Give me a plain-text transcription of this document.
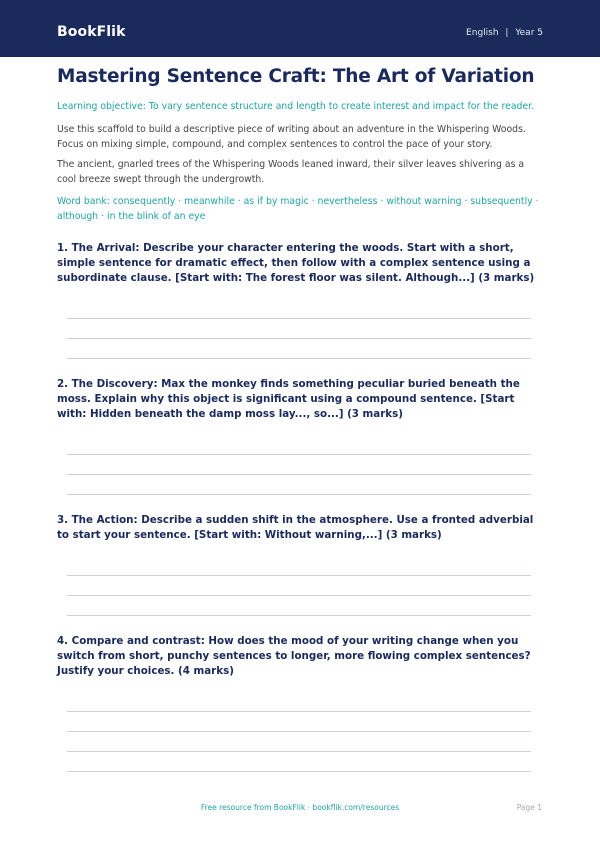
BookFlik	English | Year 5
Mastering Sentence Craft: The Art of Variation
Learning objective: To vary sentence structure and length to create interest and impact for the reader.
Use this scaffold to build a descriptive piece of writing about an adventure in the Whispering Woods. Focus on mixing simple, compound, and complex sentences to control the pace of your story.
The ancient, gnarled trees of the Whispering Woods leaned inward, their silver leaves shivering as a cool breeze swept through the undergrowth.
Word bank: consequently · meanwhile · as if by magic · nevertheless · without warning · subsequently · although · in the blink of an eye
1. The Arrival: Describe your character entering the woods. Start with a short, simple sentence for dramatic effect, then follow with a complex sentence using a subordinate clause. [Start with: The forest floor was silent. Although...] (3 marks)
2. The Discovery: Max the monkey finds something peculiar buried beneath the moss. Explain why this object is significant using a compound sentence. [Start with: Hidden beneath the damp moss lay..., so...] (3 marks)
3. The Action: Describe a sudden shift in the atmosphere. Use a fronted adverbial to start your sentence. [Start with: Without warning,...] (3 marks)
4. Compare and contrast: How does the mood of your writing change when you switch from short, punchy sentences to longer, more flowing complex sentences? Justify your choices. (4 marks)
Free resource from BookFlik · bookflik.com/resources	Page 1
